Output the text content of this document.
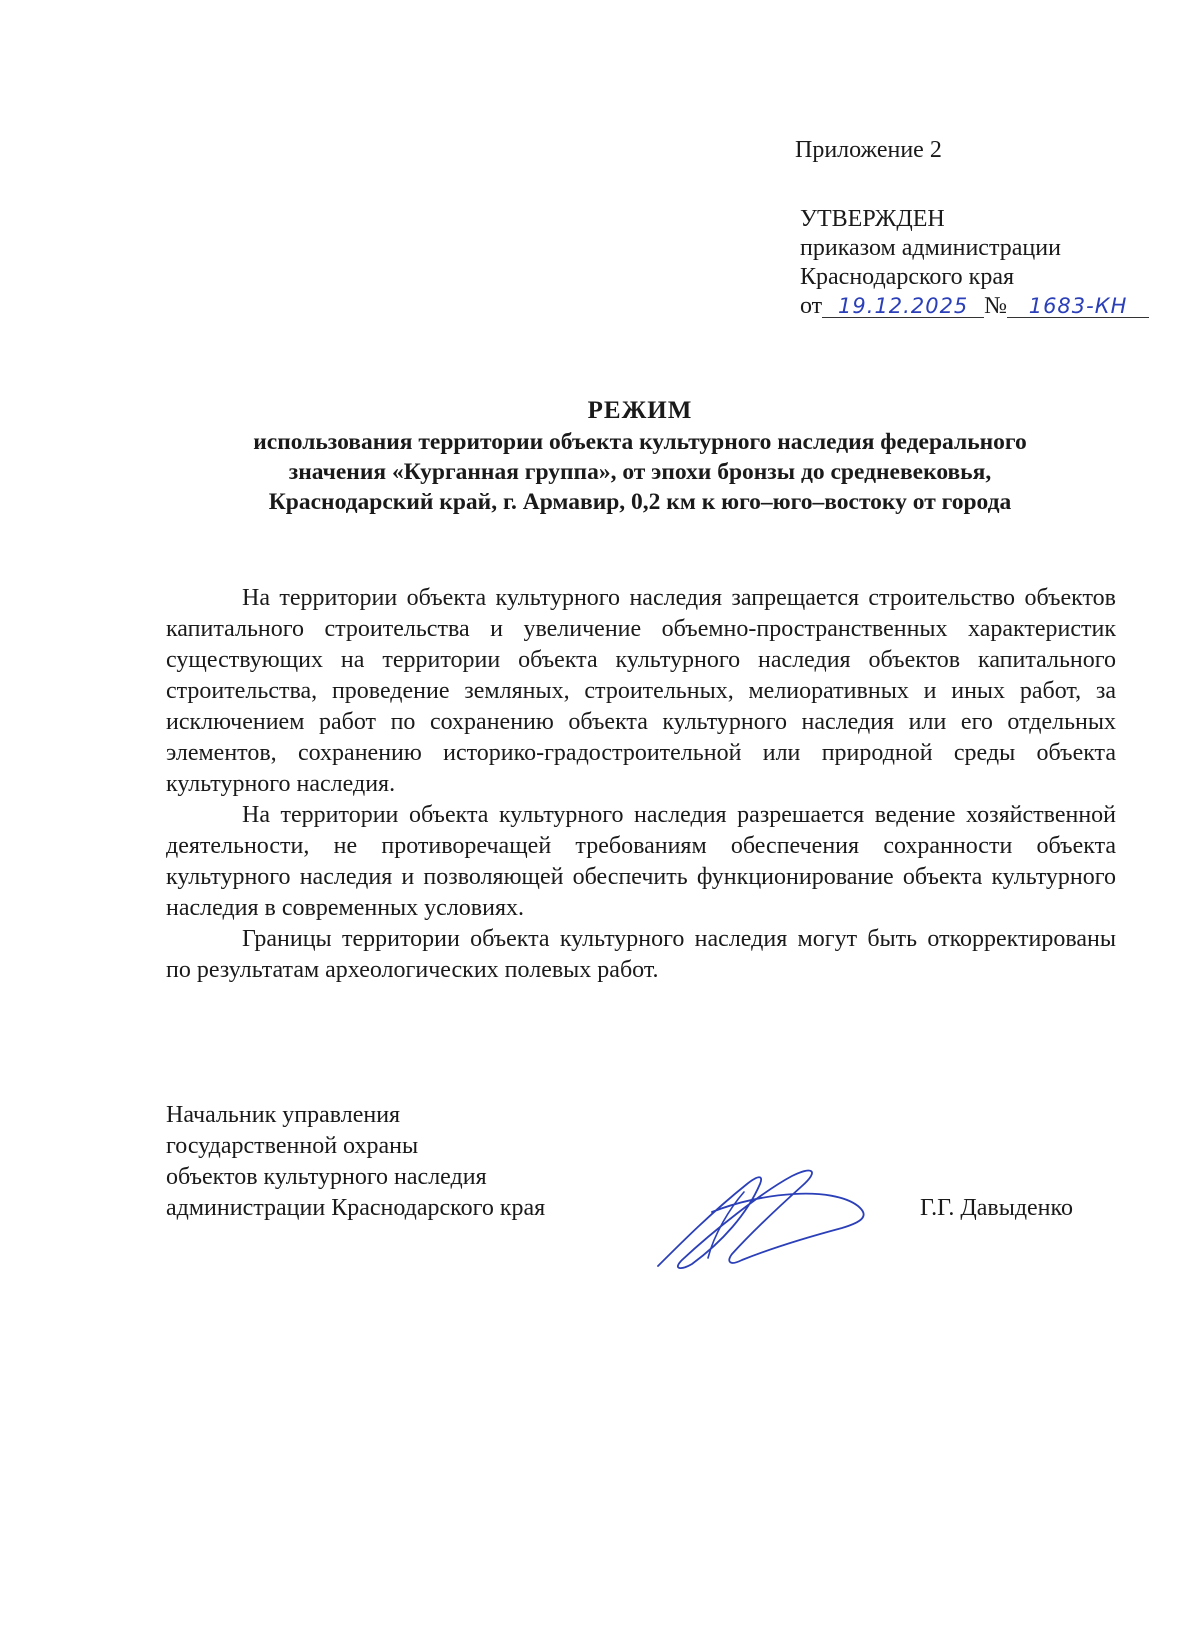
Приложение 2
УТВЕРЖДЕН
приказом администрации
Краснодарского края
от 19.12.2025 № 1683-КН
РЕЖИМ
использования территории объекта культурного наследия федерального
значения «Курганная группа», от эпохи бронзы до средневековья,
Краснодарский край, г. Армавир, 0,2 км к юго–юго–востоку от города

На территории объекта культурного наследия запрещается строительство объектов капитального строительства и увеличение объемно-пространственных характеристик существующих на территории объекта культурного наследия объектов капитального строительства, проведение земляных, строительных, мелиоративных и иных работ, за исключением работ по сохранению объекта культурного наследия или его отдельных элементов, сохранению историко-градостроительной или природной среды объекта культурного наследия.

На территории объекта культурного наследия разрешается ведение хозяйственной деятельности, не противоречащей требованиям обеспечения сохранности объекта культурного наследия и позволяющей обеспечить функционирование объекта культурного наследия в современных условиях.

Границы территории объекта культурного наследия могут быть откорректированы по результатам археологических полевых работ.

Начальник управления
государственной охраны
объектов культурного наследия
администрации Краснодарского края	Г.Г. Давыденко
